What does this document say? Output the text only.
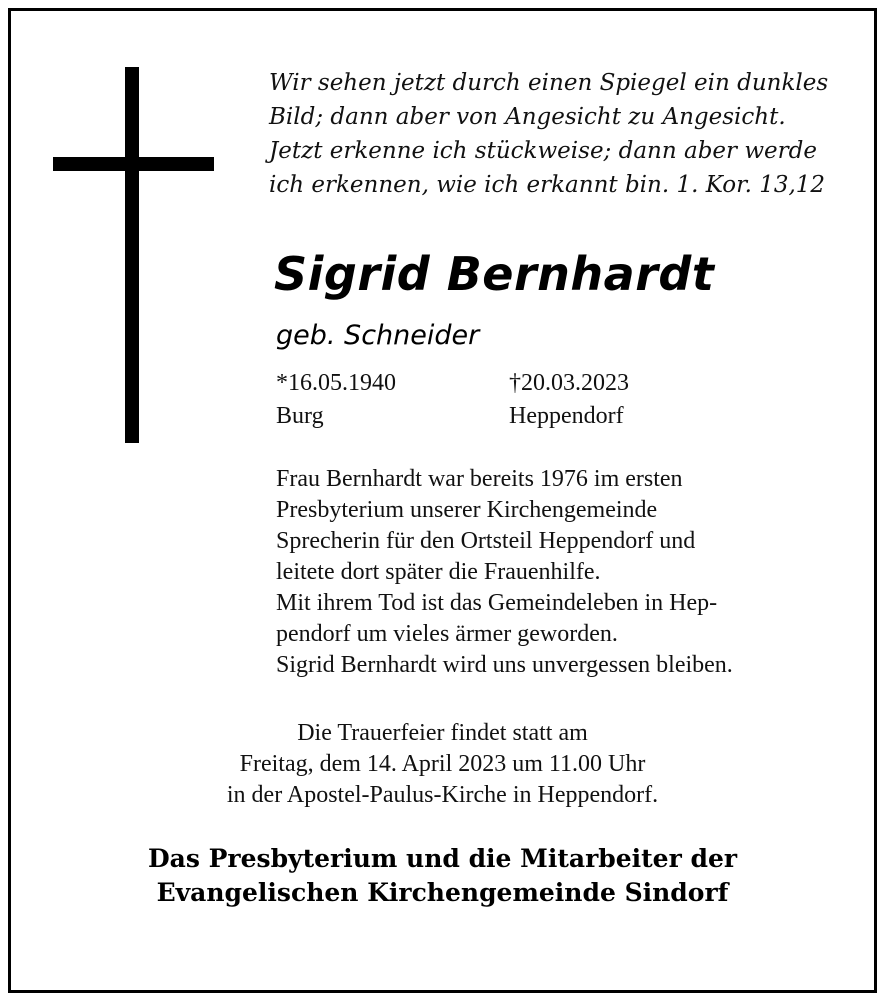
Wir sehen jetzt durch einen Spiegel ein dunkles
Bild; dann aber von Angesicht zu Angesicht.
Jetzt erkenne ich stückweise; dann aber werde
ich erkennen, wie ich erkannt bin. 1. Kor. 13,12
Sigrid Bernhardt
geb. Schneider
*16.05.1940
Burg
†20.03.2023
Heppendorf
Frau Bernhardt war bereits 1976 im ersten
Presbyterium unserer Kirchengemeinde
Sprecherin für den Ortsteil Heppendorf und
leitete dort später die Frauenhilfe.
Mit ihrem Tod ist das Gemeindeleben in Hep-
pendorf um vieles ärmer geworden.
Sigrid Bernhardt wird uns unvergessen bleiben.
Die Trauerfeier findet statt am
Freitag, dem 14. April 2023 um 11.00 Uhr
in der Apostel-Paulus-Kirche in Heppendorf.
Das Presbyterium und die Mitarbeiter der
Evangelischen Kirchengemeinde Sindorf
